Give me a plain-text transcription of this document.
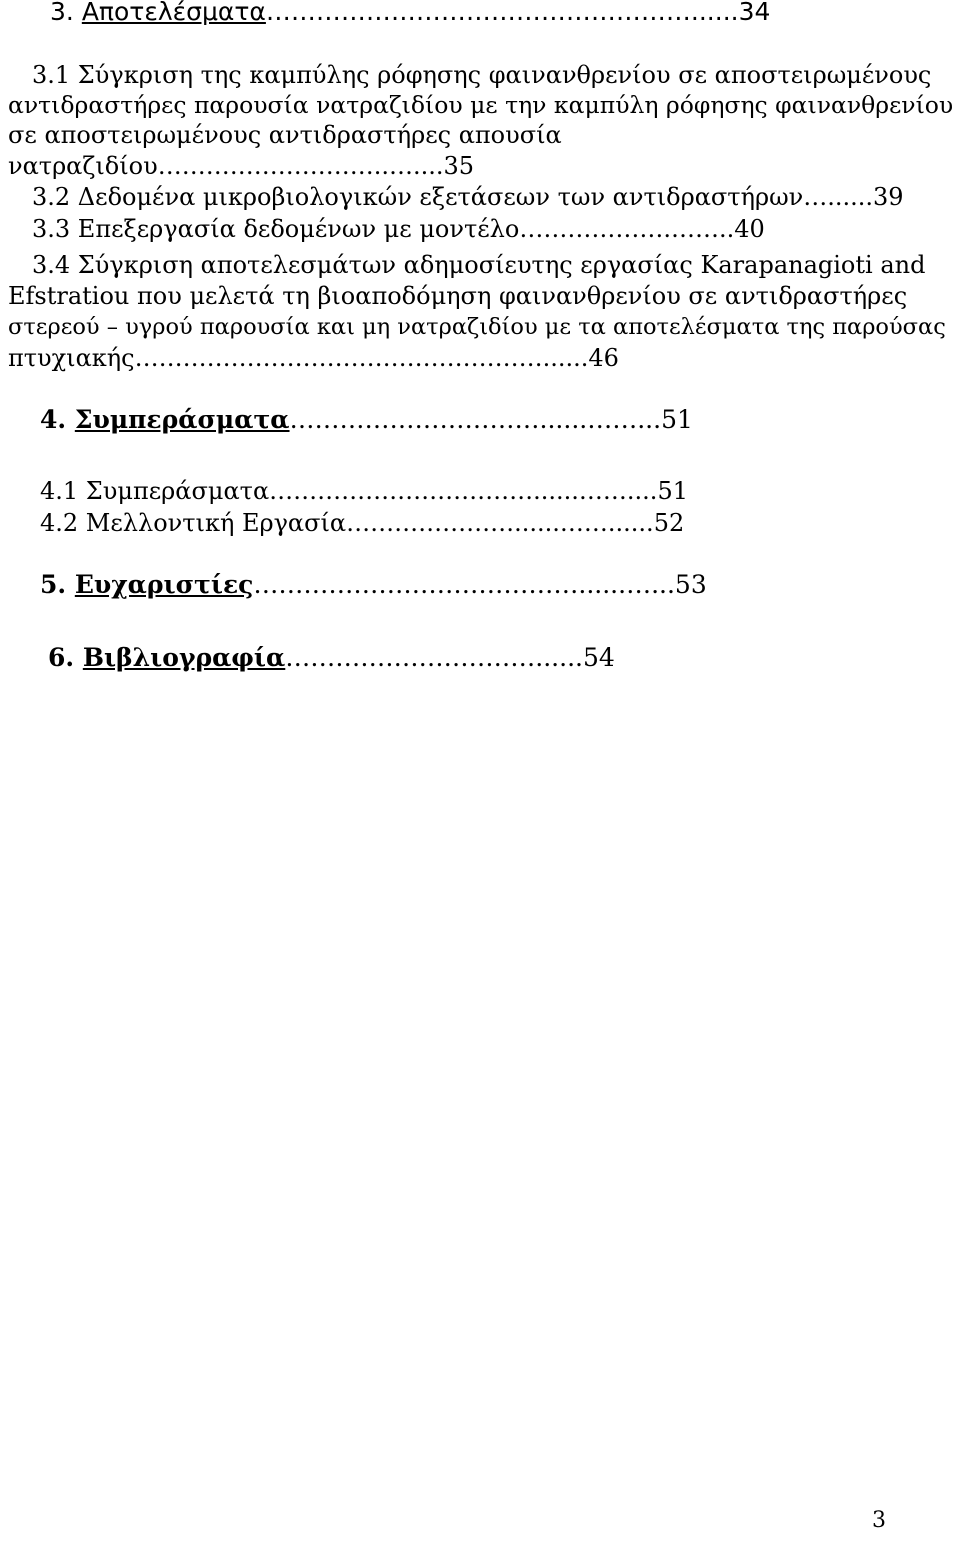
3. Αποτελέσματα……………………………………………......34
3.1 Σύγκριση της καμπύλης ρόφησης φαινανθρενίου σε αποστειρωμένους
αντιδραστήρες παρουσία νατραζιδίου με την καμπύλη ρόφησης φαινανθρενίου
σε αποστειρωμένους αντιδραστήρες απουσία
νατραζιδίου………………………..…....35
3.2 Δεδομένα μικροβιολογικών εξετάσεων των αντιδραστήρων…......39
3.3 Επεξεργασία δεδομένων με μοντέλο……………….……..40
3.4 Σύγκριση αποτελεσμάτων αδημοσίευτης εργασίας Karapanagioti and
Efstratiou που μελετά τη βιοαποδόμηση φαινανθρενίου σε αντιδραστήρες
στερεού – υγρού παρουσία και μη νατραζιδίου με τα αποτελέσματα της παρούσας
πτυχιακής……………………………………………......46
4. Συμπεράσματα…………………………......……...51
4.1 Συμπεράσματα……………………………......……....51
4.2 Μελλοντική Εργασία…………………......……......52
5. Ευχαριστίες…………………………………......…...53
6. Βιβλιογραφία…………………………......54
3
